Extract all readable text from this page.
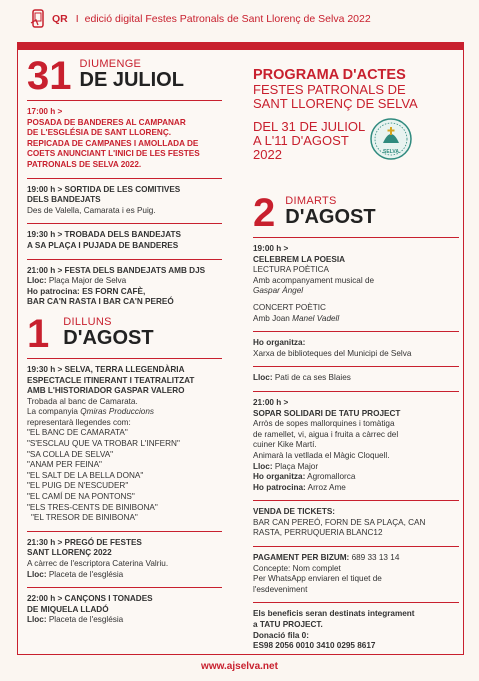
QR I edició digital Festes Patronals de Sant Llorenç de Selva 2022
31 DIUMENGE
DE JULIOL
17:00 h >
POSADA DE BANDERES AL CAMPANAR
DE L'ESGLÉSIA DE SANT LLORENÇ.
REPICADA DE CAMPANES I AMOLLADA DE
COETS ANUNCIANT L'INICI DE LES FESTES
PATRONALS DE SELVA 2022.
19:00 h > SORTIDA DE LES COMITIVES
DELS BANDEJATS
Des de Valella, Camarata i es Puig.
19:30 h > TROBADA DELS BANDEJATS
A SA PLAÇA I PUJADA DE BANDERES
21:00 h > FESTA DELS BANDEJATS AMB DJS
Lloc: Plaça Major de Selva
Ho patrocina: ES FORN CAFÈ,
BAR CA'N RASTA I BAR CA'N PEREÓ
1 DILLUNS
D'AGOST
19:30 h > SELVA, TERRA LLEGENDÀRIA
ESPECTACLE ITINERANT I TEATRALITZAT
AMB L'HISTORIADOR GASPAR VALERO
Trobada al banc de Camarata.
La companyia Qmiras Produccions
representarà llegendes com:
"EL BANC DE CAMARATA"
"S'ESCLAU QUE VA TROBAR L'INFERN"
"SA COLLA DE SELVA"
"ANAM PER FEINA"
"EL SALT DE LA BELLA DONA"
"EL PUIG DE N'ESCUDER"
"EL CAMÍ DE NA PONTONS"
"ELS TRES-CENTS DE BINIBONA"
"EL TRESOR DE BINIBONA"
21:30 h > PREGÓ DE FESTES
SANT LLORENÇ 2022
A càrrec de l'escriptora Caterina Valriu.
Lloc: Placeta de l'església
22:00 h > CANÇONS I TONADES
DE MIQUELA LLADÓ
Lloc: Placeta de l'església
PROGRAMA D'ACTES
FESTES PATRONALS DE
SANT LLORENÇ DE SELVA
DEL 31 DE JULIOL
A L'11 D'AGOST
2022
2 DIMARTS
D'AGOST
19:00 h >
CELEBREM LA POESIA
LECTURA POÈTICA
Amb acompanyament musical de
Gaspar Àngel
CONCERT POÈTIC
Amb Joan Manel Vadell
Ho organitza:
Xarxa de biblioteques del Municipi de Selva
Lloc: Pati de ca ses Blaies
21:00 h >
SOPAR SOLIDARI DE TATU PROJECT
Arròs de sopes mallorquines i tomàtiga
de ramellet, vi, aigua i fruita a càrrec del
cuiner Kike Martí.
Animarà la vetllada el Màgic Cloquell.
Lloc: Plaça Major
Ho organitza: Agromallorca
Ho patrocina: Arroz Ame
VENDA DE TICKETS:
BAR CAN PEREÓ, FORN DE SA PLAÇA, CAN
RASTA, PERRUQUERIA BLANC12
PAGAMENT PER BIZUM: 689 33 13 14
Concepte: Nom complet
Per WhatsApp enviaren el tiquet de
l'esdeveniment
Els beneficis seran destinats integrament
a TATU PROJECT.
Donació fila 0:
ES98 2056 0010 3410 0295 8617
SELVA
www.ajselva.net
